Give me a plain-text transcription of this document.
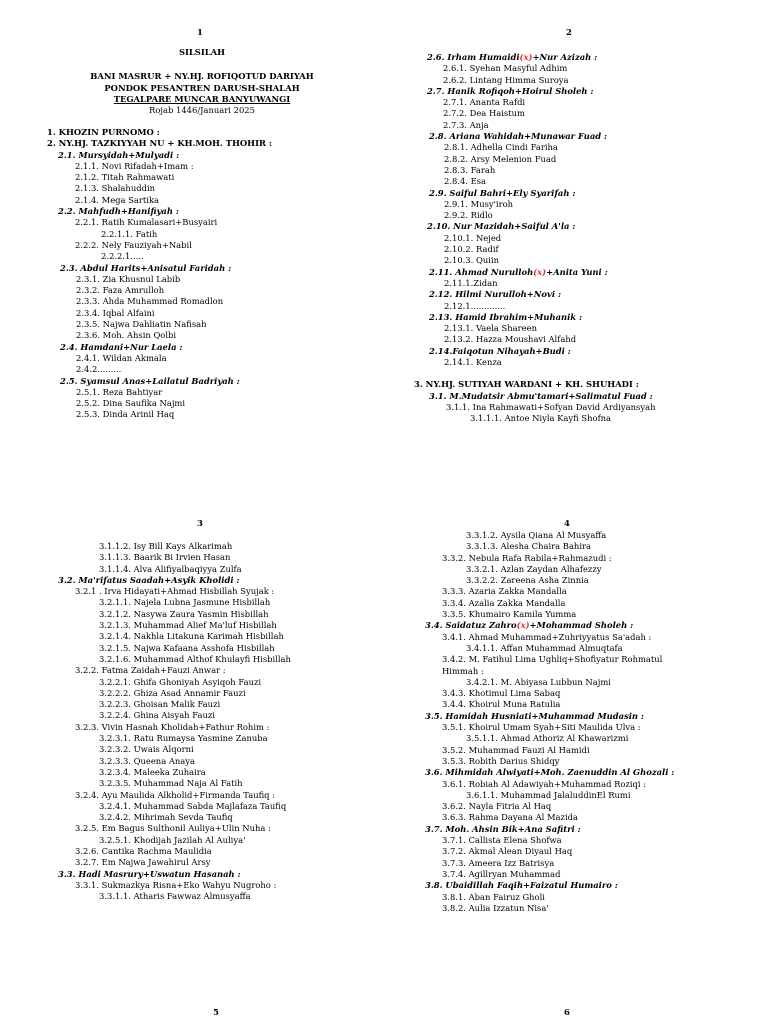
1
SILSILAH
BANI MASRUR + NY.HJ. ROFIQOTUD DARIYAH
PONDOK PESANTREN DARUSH-SHALAH
TEGALPARE MUNCAR BANYUWANGI
Rojab 1446/Januari 2025
1. KHOZIN PURNOMO :
2. NY.HJ. TAZKIYYAH NU + KH.MOH. THOHIR :
2.1. Mursyidah+Mulyadi :
2.1.1. Novi Rifadah+Imam :
2.1.2. Titah Rahmawati
2.1.3. Shalahuddin
2.1.4. Mega Sartika
2.2. Mahfudh+Hanifiyah :
2.2.1. Ratih Kumalasari+Busyairi
2.2.1.1. Fatih
2.2.2. Nely Fauziyah+Nabil
2.2.2.1.....
2.3. Abdul Harits+Anisatul Faridah :
2.3.1. Zia Khusnul Labib
2.3.2. Faza Amrulloh
2.3.3. Ahda Muhammad Romadlon
2.3.4. Iqbal Alfaini
2.3.5. Najwa Dahliatin Nafisah
2.3.6. Moh. Ahsin Qolbi
2.4. Hamdani+Nur Laela :
2.4.1. Wildan Akmala
2.4.2.........
2.5. Syamsul Anas+Lailatul Badriyah :
2.5.1. Reza Bahtiyar
2.5.2. Dina Saufika Najmi
2.5.3. Dinda Arinil Haq
2
2.6. Irham Humaidi(x)+Nur Azizah :
2.6.1. Syehan Masyful Adhim
2.6.2. Lintang Himma Suroya
2.7. Hanik Rofiqoh+Hoirul Sholeh :
2.7.1. Ananta Rafdi
2.7.2. Dea Haistum
2.7.3. Anja
2.8. Ariana Wahidah+Munawar Fuad :
2.8.1. Adhella Cindi Fariha
2.8.2. Arsy Melenion Fuad
2.8.3. Farah
2.8.4. Esa
2.9. Saiful Bahri+Ely Syarifah :
2.9.1. Musy'iroh
2.9.2. Ridlo
2.10. Nur Mazidah+Saiful A'la :
2.10.1. Nejed
2.10.2. Radif
2.10.3. Quiin
2.11. Ahmad Nurulloh(x)+Anita Yuni :
2.11.1.Zidan
2.12. Hilmi Nurulloh+Novi :
2.12.1.............
2.13. Hamid Ibrahim+Muhanik :
2.13.1. Vaela Shareen
2.13.2. Hazza Moushavi Alfahd
2.14.Faiqotun Nihayah+Budi :
2.14.1. Kenza
3. NY.HJ. SUTIYAH WARDANI + KH. SHUHADI :
3.1. M.Mudatsir Abmu'tamari+Salimatul Fuad :
3.1.1. Ina Rahmawati+Sofyan David Ardiyansyah
3.1.1.1. Antoe Niyla Kayfi Shofna
3
3.1.1.2. Isy Bill Kays Alkarimah
3.1.1.3. Baarik Bi Irvien Hasan
3.1.1.4. Alva Alifiyalbaqiyya Zulfa
3.2. Ma'rifatus Saadah+Asyik Kholidi :
3.2.1 . Irva Hidayati+Ahmad Hisbillah Syujak :
3.2.1.1. Najela Lubna Jasmune Hisbillah
3.2.1.2. Nasywa Zaura Yasmin Hisbillah
3.2.1.3. Muhammad Alief Ma'luf Hisbillah
3.2.1.4. Nakhla Litakuna Karimah Hisbillah
3.2.1.5. Najwa Kafaana Asshofa Hisbillah
3.2.1.6. Muhammad Althof Khulayfi Hisbillah
3.2.2. Fatma Zaidah+Fauzi Anwar :
3.2.2.1. Ghifa Ghoniyah Asyiqoh Fauzi
3.2.2.2. Ghiza Asad Annamir Fauzi
3.2.2.3. Ghoisan Malik Fauzi
3.2.2.4. Ghina Aisyah Fauzi
3.2.3. Vivin Hasnah Kholidah+Fathur Rohim :
3.2.3.1. Ratu Rumaysa Yasmine Zanuba
3.2.3.2. Uwais Alqorni
3.2.3.3. Queena Anaya
3.2.3.4. Maleeka Zuhaira
3.2.3.5. Muhammad Naja Al Fatih
3.2.4. Ayu Maulida Alkholid+Firmanda Taufiq :
3.2.4.1. Muhammad Sabda Majlafaza Taufiq
3.2.4.2. Mihrimah Sevda Taufiq
3.2.5. Em Bagus Sulthonil Auliya+Ulin Nuha :
3.2.5.1. Khodijah Jazilah Al Auliya'
3.2.6. Cantika Rachma Maulidia
3.2.7. Em Najwa Jawahirul Arsy
3.3. Hadi Masrury+Uswatun Hasanah :
3.3.1. Sukmazkya Risna+Eko Wahyu Nugroho :
3.3.1.1. Atharis Fawwaz Almusyaffa
4
3.3.1.2. Aysila Qiana Al Musyaffa
3.3.1.3. Alesha Chaira Bahira
3.3.2. Nebula Rafa Rabila+Rahmazudi :
3.3.2.1. Azlan Zaydan Alhafezzy
3.3.2.2. Zareena Asha Zinnia
3.3.3. Azaria Zakka Mandalla
3.3.4. Azalia Zakka Mandalla
3.3.5. Khumairo Kamila Yumma
3.4. Saidatuz Zahro(x)+Mohammad Sholeh :
3.4.1. Ahmad Muhammad+Zuhriyyatus Sa'adah :
3.4.1.1. Affan Muhammad Almuqtafa
3.4.2. M. Fatihul Lima Ughliq+Shofiyatur Rohmatul
Himmah :
3.4.2.1. M. Abiyasa Lubbun Najmi
3.4.3. Khotimul Lima Sabaq
3.4.4. Khoirul Muna Ratulia
3.5. Hamidah Husniati+Muhammad Mudasin :
3.5.1. Khoirul Umam Syah+Siti Maulida Ulva :
3.5.1.1. Ahmad Athoriz Al Khawarizmi
3.5.2. Muhammad Fauzi Al Hamidi
3.5.3. Robith Darius Shidqy
3.6. Mihmidah Alwiyati+Moh. Zaenuddin Al Ghozali :
3.6.1. Robiah Al Adawiyah+Muhammad Roziqi :
3.6.1.1. Muhammad JalaluddinEl Rumi
3.6.2. Nayla Fitria Al Haq
3.6.3. Rahma Dayana Al Mazida
3.7. Moh. Ahsin Bik+Ana Safitri :
3.7.1. Callista Elena Shofwa
3.7.2. Akmal Alean Diyaul Haq
3.7.3. Ameera Izz Batrisya
3.7.4. Agillryan Muhammad
3.8. Ubaidillah Faqih+Faizatul Humairo :
3.8.1. Aban Fairuz Gholi
3.8.2. Aulia Izzatun Nisa'
5	6
